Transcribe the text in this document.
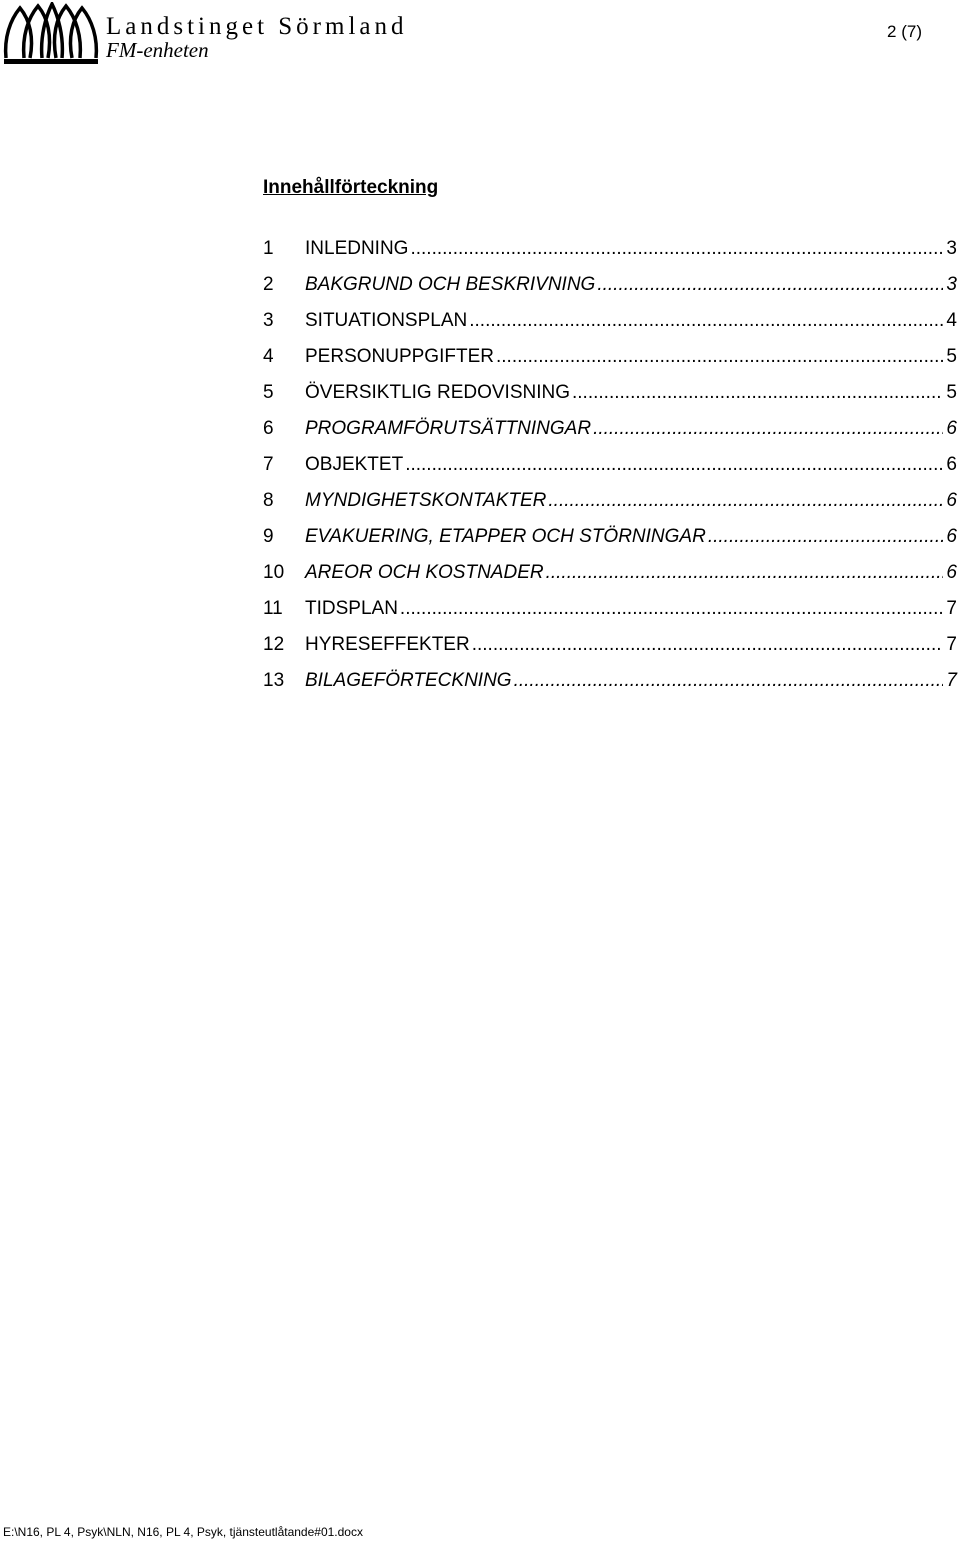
Landstinget Sörmland
FM-enheten
2 (7)
Innehållförteckning
1	INLEDNING .....	3
2	BAKGRUND OCH BESKRIVNING .....	3
3	SITUATIONSPLAN .....	4
4	PERSONUPPGIFTER .....	5
5	ÖVERSIKTLIG REDOVISNING .....	5
6	PROGRAMFÖRUTSÄTTNINGAR .....	6
7	OBJEKTET .....	6
8	MYNDIGHETSKONTAKTER .....	6
9	EVAKUERING, ETAPPER OCH STÖRNINGAR .....	6
10	AREOR OCH KOSTNADER .....	6
11	TIDSPLAN .....	7
12	HYRESEFFEKTER .....	7
13	BILAGEFÖRTECKNING .....	7
E:\N16, PL 4, Psyk\NLN, N16, PL 4, Psyk, tjänsteutlåtande#01.docx
